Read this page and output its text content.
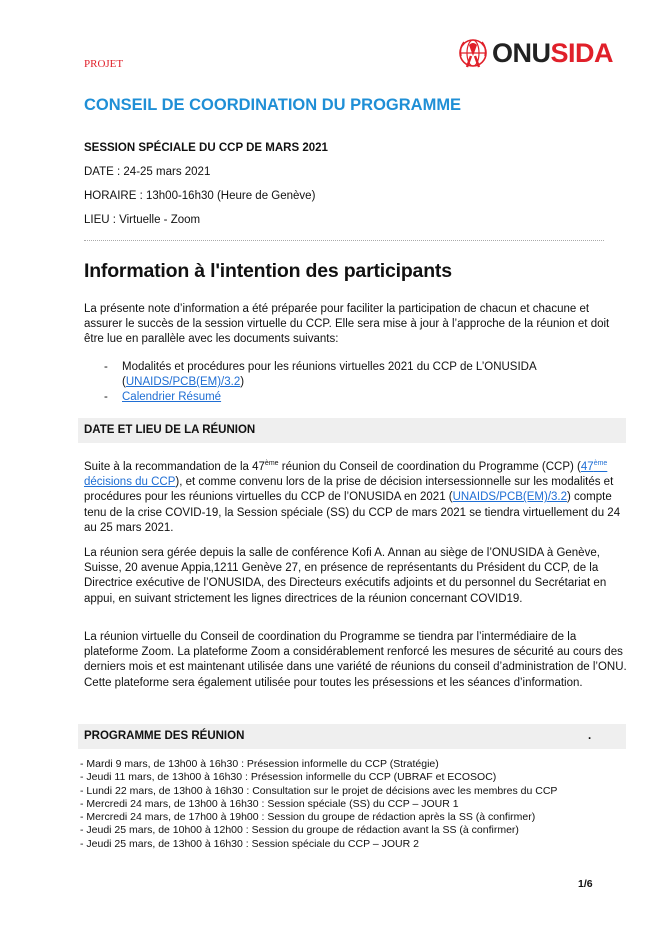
PROJET	ONUSIDA
CONSEIL DE COORDINATION DU PROGRAMME
SESSION SPÉCIALE DU CCP DE MARS 2021
DATE : 24-25 mars 2021
HORAIRE : 13h00-16h30 (Heure de Genève)
LIEU : Virtuelle - Zoom
Information à l'intention des participants
La présente note d’information a été préparée pour faciliter la participation de chacun et chacune et assurer le succès de la session virtuelle du CCP. Elle sera mise à jour à l’approche de la réunion et doit être lue en parallèle avec les documents suivants:
-	Modalités et procédures pour les réunions virtuelles 2021 du CCP de L’ONUSIDA
(UNAIDS/PCB(EM)/3.2)
-	Calendrier Résumé
DATE ET LIEU DE LA RÉUNION
Suite à la recommandation de la 47ème réunion du Conseil de coordination du Programme (CCP) (47ème décisions du CCP), et comme convenu lors de la prise de décision intersessionnelle sur les modalités et procédures pour les réunions virtuelles du CCP de l’ONUSIDA en 2021 (UNAIDS/PCB(EM)/3.2) compte tenu de la crise COVID-19, la Session spéciale (SS) du CCP de mars 2021 se tiendra virtuellement du 24 au 25 mars 2021.
La réunion sera gérée depuis la salle de conférence Kofi A. Annan au siège de l’ONUSIDA à Genève, Suisse, 20 avenue Appia,1211 Genève 27, en présence de représentants du Président du CCP, de la Directrice exécutive de l’ONUSIDA, des Directeurs exécutifs adjoints et du personnel du Secrétariat en appui, en suivant strictement les lignes directrices de la réunion concernant COVID19.
La réunion virtuelle du Conseil de coordination du Programme se tiendra par l’intermédiaire de la plateforme Zoom. La plateforme Zoom a considérablement renforcé les mesures de sécurité au cours des derniers mois et est maintenant utilisée dans une variété de réunions du conseil d’administration de l’ONU. Cette plateforme sera également utilisée pour toutes les présessions et les séances d’information.
PROGRAMME DES RÉUNION	.
- Mardi 9 mars, de 13h00 à 16h30 : Présession informelle du CCP (Stratégie)
- Jeudi 11 mars, de 13h00 à 16h30 : Présession informelle du CCP (UBRAF et ECOSOC)
- Lundi 22 mars, de 13h00 à 16h30 : Consultation sur le projet de décisions avec les membres du CCP
- Mercredi 24 mars, de 13h00 à 16h30 : Session spéciale (SS) du CCP – JOUR 1
- Mercredi 24 mars, de 17h00 à 19h00 : Session du groupe de rédaction après la SS (à confirmer)
- Jeudi 25 mars, de 10h00 à 12h00 : Session du groupe de rédaction avant la SS (à confirmer)
- Jeudi 25 mars, de 13h00 à 16h30 : Session spéciale du CCP – JOUR 2
1/6
